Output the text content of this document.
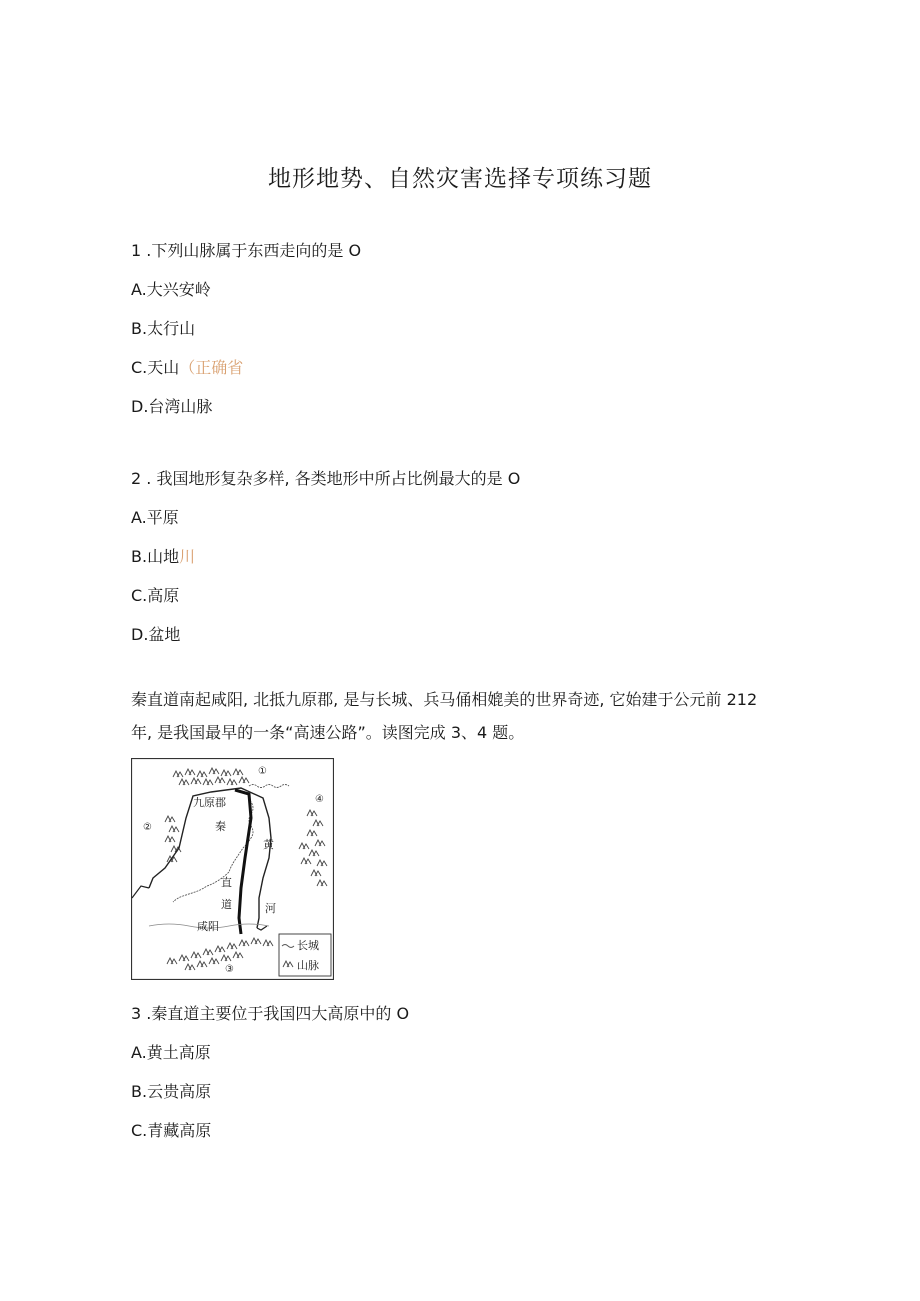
地形地势、自然灾害选择专项练习题
1 .下列山脉属于东西走向的是 O
A.大兴安岭
B.太行山
C.天山（正确省
D.台湾山脉
2 . 我国地形复杂多样, 各类地形中所占比例最大的是 O
A.平原
B.山地川
C.高原
D.盆地
秦直道南起咸阳, 北抵九原郡, 是与长城、兵马俑相媲美的世界奇迹, 它始建于公元前 212 年, 是我国最早的一条“高速公路”。读图完成 3、4 题。
九原郡
秦
直
道
咸阳
黄
河
①
②
③
④
长城
山脉
3 .秦直道主要位于我国四大高原中的 O
A.黄土高原
B.云贵高原
C.青藏高原
